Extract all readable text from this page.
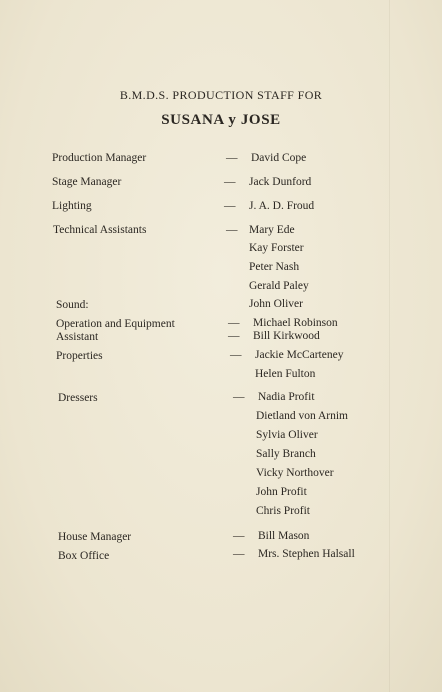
B.M.D.S. PRODUCTION STAFF FOR
SUSANA y JOSE
Production Manager	— David Cope
Stage Manager	— Jack Dunford
Lighting	— J. A. D. Froud
Technical Assistants	— Mary Ede
Kay Forster
Peter Nash
Gerald Paley
Sound:	John Oliver
Operation and Equipment	— Michael Robinson
Assistant	— Bill Kirkwood
Properties	— Jackie McCarteney
Helen Fulton
Dressers	— Nadia Profit
Dietland von Arnim
Sylvia Oliver
Sally Branch
Vicky Northover
John Profit
Chris Profit
House Manager	— Bill Mason
Box Office	— Mrs. Stephen Halsall
